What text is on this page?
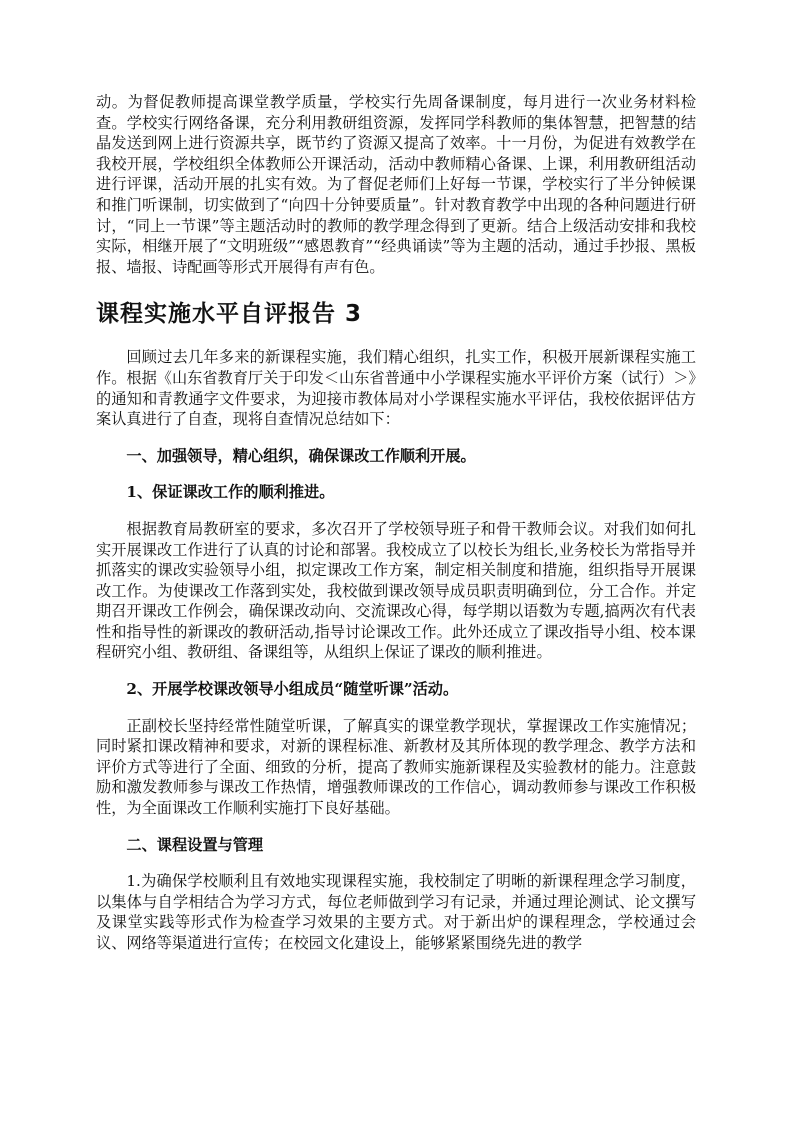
动。为督促教师提高课堂教学质量，学校实行先周备课制度，每月进行一次业务材料检查。学校实行网络备课，充分利用教研组资源，发挥同学科教师的集体智慧，把智慧的结晶发送到网上进行资源共享，既节约了资源又提高了效率。十一月份，为促进有效教学在我校开展，学校组织全体教师公开课活动，活动中教师精心备课、上课，利用教研组活动进行评课，活动开展的扎实有效。为了督促老师们上好每一节课，学校实行了半分钟候课和推门听课制，切实做到了“向四十分钟要质量”。针对教育教学中出现的各种问题进行研讨，“同上一节课”等主题活动时的教师的教学理念得到了更新。结合上级活动安排和我校实际，相继开展了“文明班级”“感恩教育”“经典诵读”等为主题的活动，通过手抄报、黑板报、墙报、诗配画等形式开展得有声有色。

课程实施水平自评报告 3

回顾过去几年多来的新课程实施，我们精心组织，扎实工作，积极开展新课程实施工作。根据《山东省教育厅关于印发＜山东省普通中小学课程实施水平评价方案（试行）＞》的通知和青教通字文件要求，为迎接市教体局对小学课程实施水平评估，我校依据评估方案认真进行了自查，现将自查情况总结如下：

一、加强领导，精心组织，确保课改工作顺利开展。

1、保证课改工作的顺利推进。

根据教育局教研室的要求，多次召开了学校领导班子和骨干教师会议。对我们如何扎实开展课改工作进行了认真的讨论和部署。我校成立了以校长为组长,业务校长为常指导并抓落实的课改实验领导小组，拟定课改工作方案，制定相关制度和措施，组织指导开展课改工作。为使课改工作落到实处，我校做到课改领导成员职责明确到位，分工合作。并定期召开课改工作例会，确保课改动向、交流课改心得，每学期以语数为专题,搞两次有代表性和指导性的新课改的教研活动,指导讨论课改工作。此外还成立了课改指导小组、校本课程研究小组、教研组、备课组等，从组织上保证了课改的顺利推进。

2、开展学校课改领导小组成员“随堂听课”活动。

正副校长坚持经常性随堂听课，了解真实的课堂教学现状，掌握课改工作实施情况；同时紧扣课改精神和要求，对新的课程标准、新教材及其所体现的教学理念、教学方法和评价方式等进行了全面、细致的分析，提高了教师实施新课程及实验教材的能力。注意鼓励和激发教师参与课改工作热情，增强教师课改的工作信心，调动教师参与课改工作积极性，为全面课改工作顺利实施打下良好基础。

二、课程设置与管理

1.为确保学校顺利且有效地实现课程实施，我校制定了明晰的新课程理念学习制度，以集体与自学相结合为学习方式，每位老师做到学习有记录，并通过理论测试、论文撰写及课堂实践等形式作为检查学习效果的主要方式。对于新出炉的课程理念，学校通过会议、网络等渠道进行宣传；在校园文化建设上，能够紧紧围绕先进的教学
